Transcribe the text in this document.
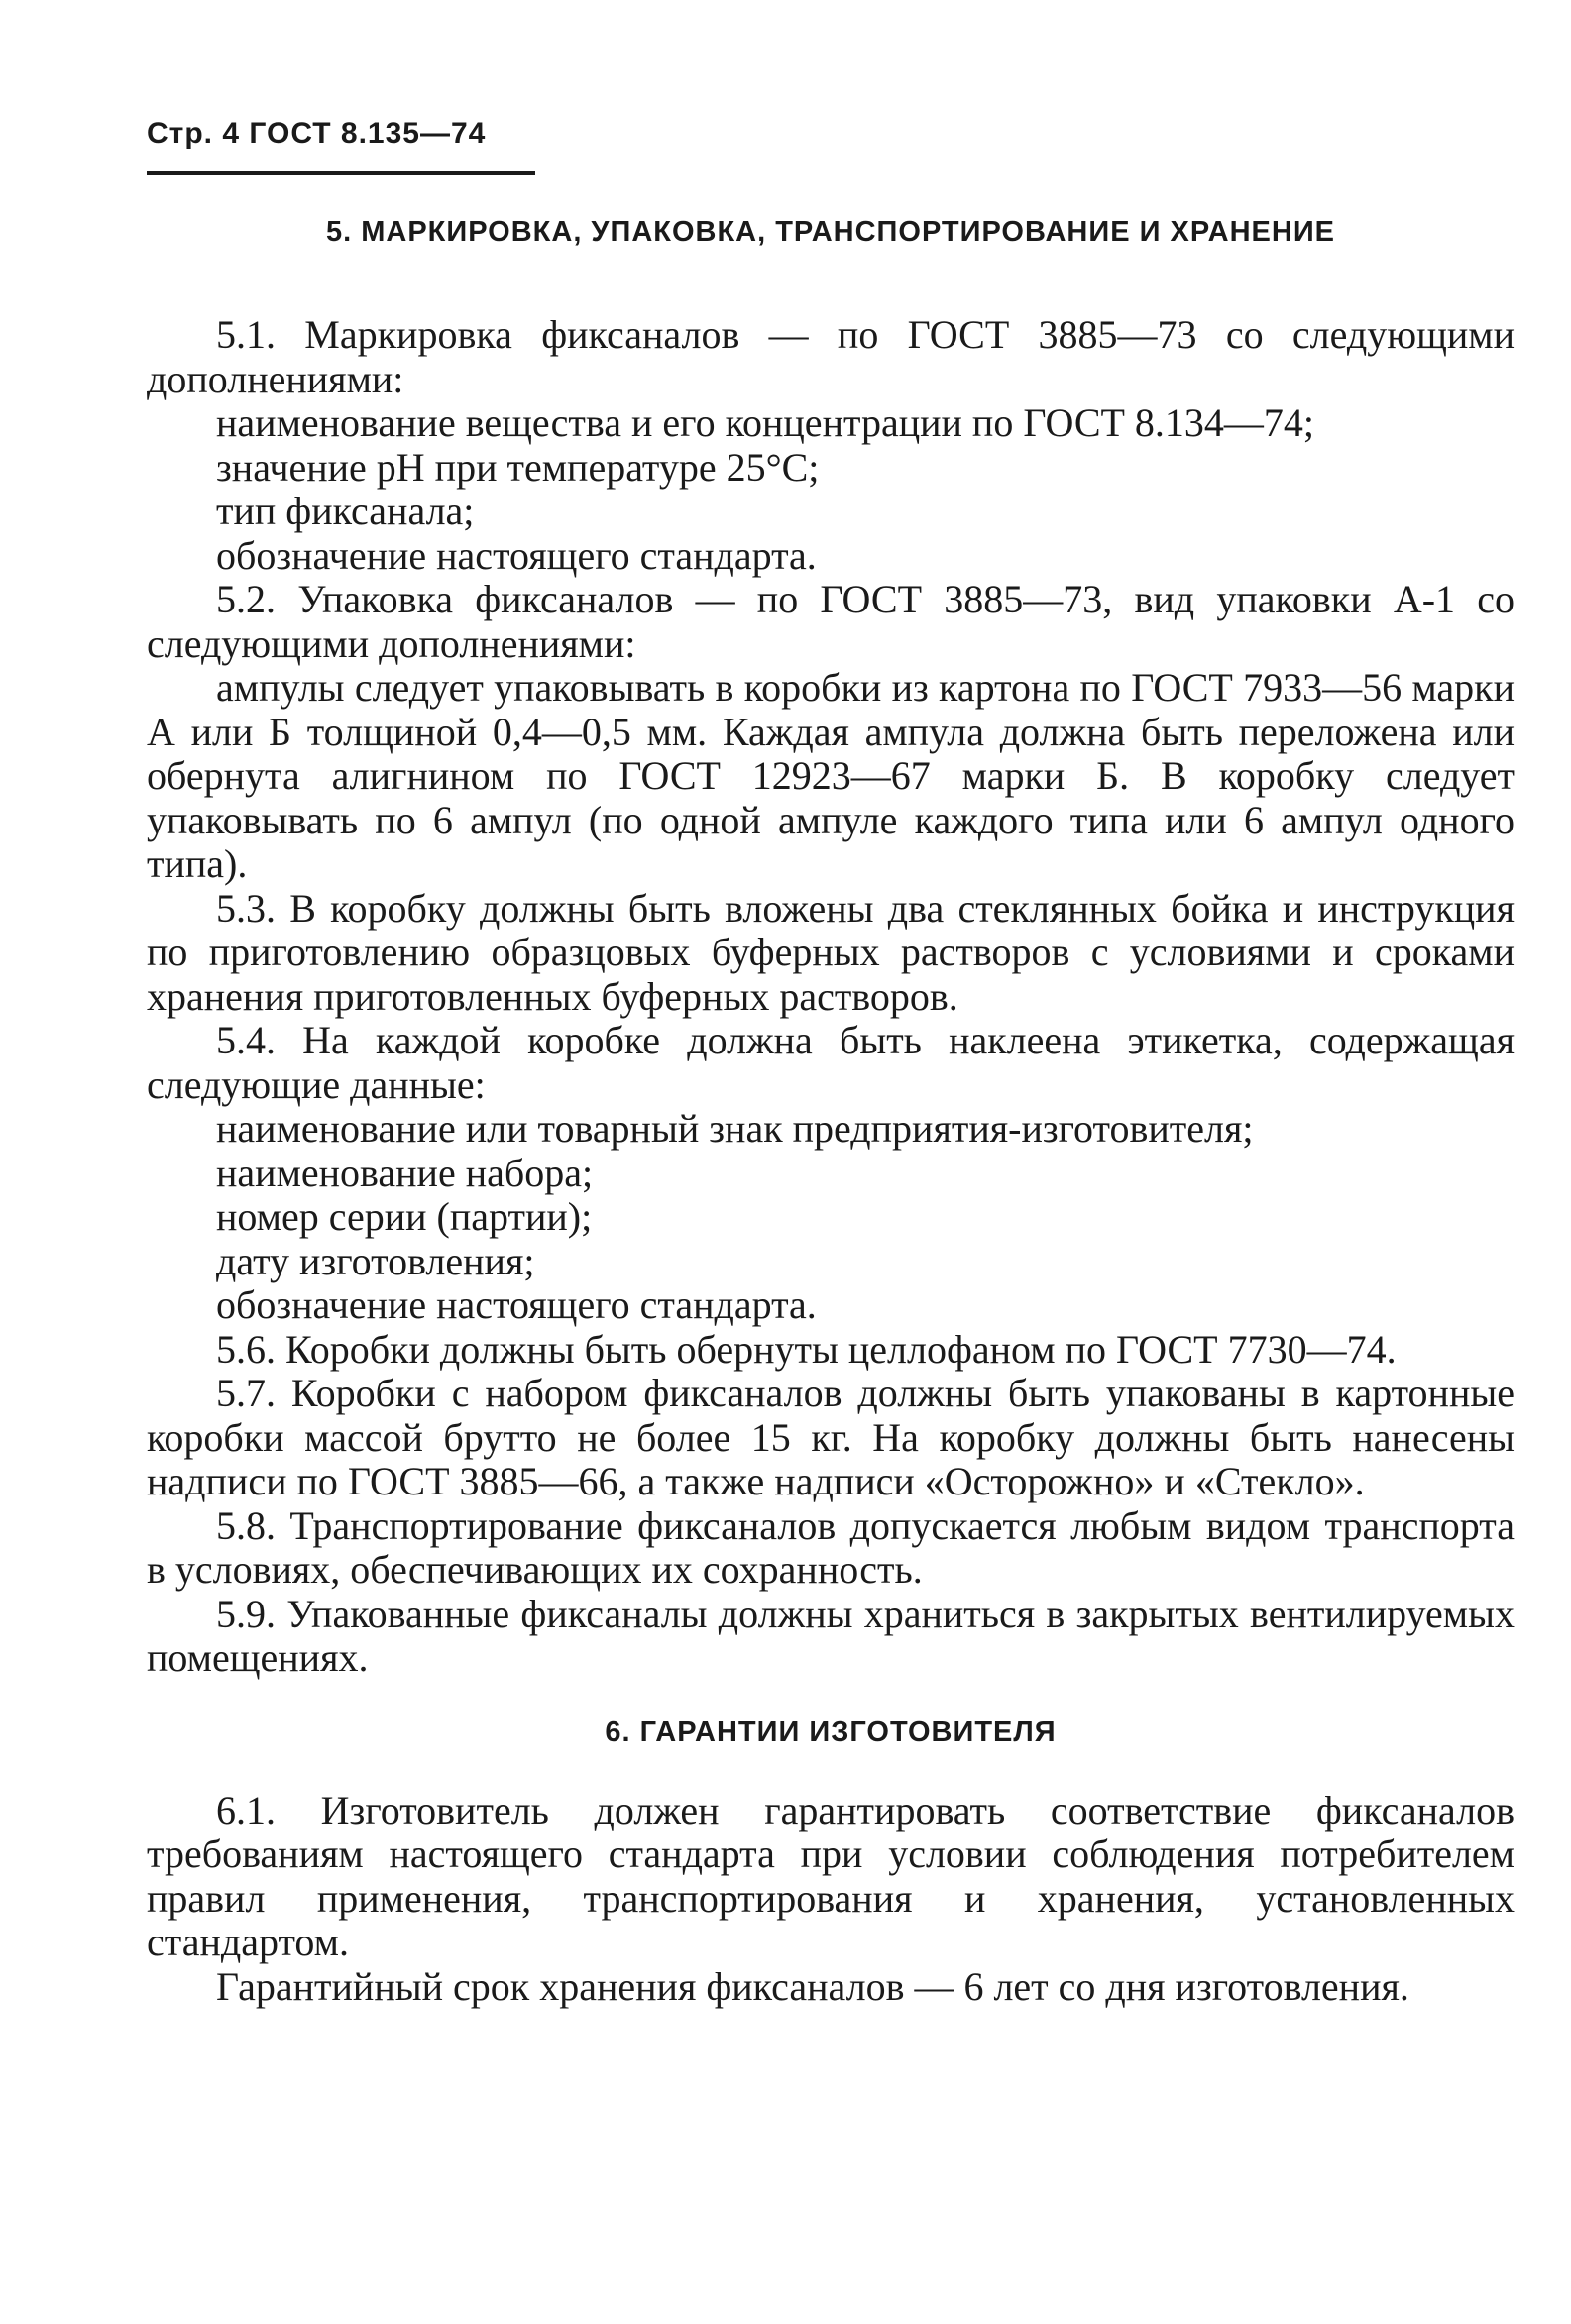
Стр. 4 ГОСТ 8.135—74
5. МАРКИРОВКА, УПАКОВКА, ТРАНСПОРТИРОВАНИЕ И ХРАНЕНИЕ

5.1. Маркировка фиксаналов — по ГОСТ 3885—73 со следующими дополнениями:

наименование вещества и его концентрации по ГОСТ 8.134—74;

значение pH при температуре 25°С;

тип фиксанала;

обозначение настоящего стандарта.

5.2. Упаковка фиксаналов — по ГОСТ 3885—73, вид упаковки А-1 со следующими дополнениями:

ампулы следует упаковывать в коробки из картона по ГОСТ 7933—56 марки А или Б толщиной 0,4—0,5 мм. Каждая ампула должна быть переложена или обернута алигнином по ГОСТ 12923—67 марки Б. В коробку следует упаковывать по 6 ампул (по одной ампуле каждого типа или 6 ампул одного типа).

5.3. В коробку должны быть вложены два стеклянных бойка и инструкция по приготовлению образцовых буферных растворов с условиями и сроками хранения приготовленных буферных растворов.

5.4. На каждой коробке должна быть наклеена этикетка, содержащая следующие данные:

наименование или товарный знак предприятия-изготовителя;

наименование набора;

номер серии (партии);

дату изготовления;

обозначение настоящего стандарта.

5.6. Коробки должны быть обернуты целлофаном по ГОСТ 7730—74.

5.7. Коробки с набором фиксаналов должны быть упакованы в картонные коробки массой брутто не более 15 кг. На коробку должны быть нанесены надписи по ГОСТ 3885—66, а также надписи «Осторожно» и «Стекло».

5.8. Транспортирование фиксаналов допускается любым видом транспорта в условиях, обеспечивающих их сохранность.

5.9. Упакованные фиксаналы должны храниться в закрытых вентилируемых помещениях.

6. ГАРАНТИИ ИЗГОТОВИТЕЛЯ

6.1. Изготовитель должен гарантировать соответствие фиксаналов требованиям настоящего стандарта при условии соблюдения потребителем правил применения, транспортирования и хранения, установленных стандартом.

Гарантийный срок хранения фиксаналов — 6 лет со дня изготовления.
